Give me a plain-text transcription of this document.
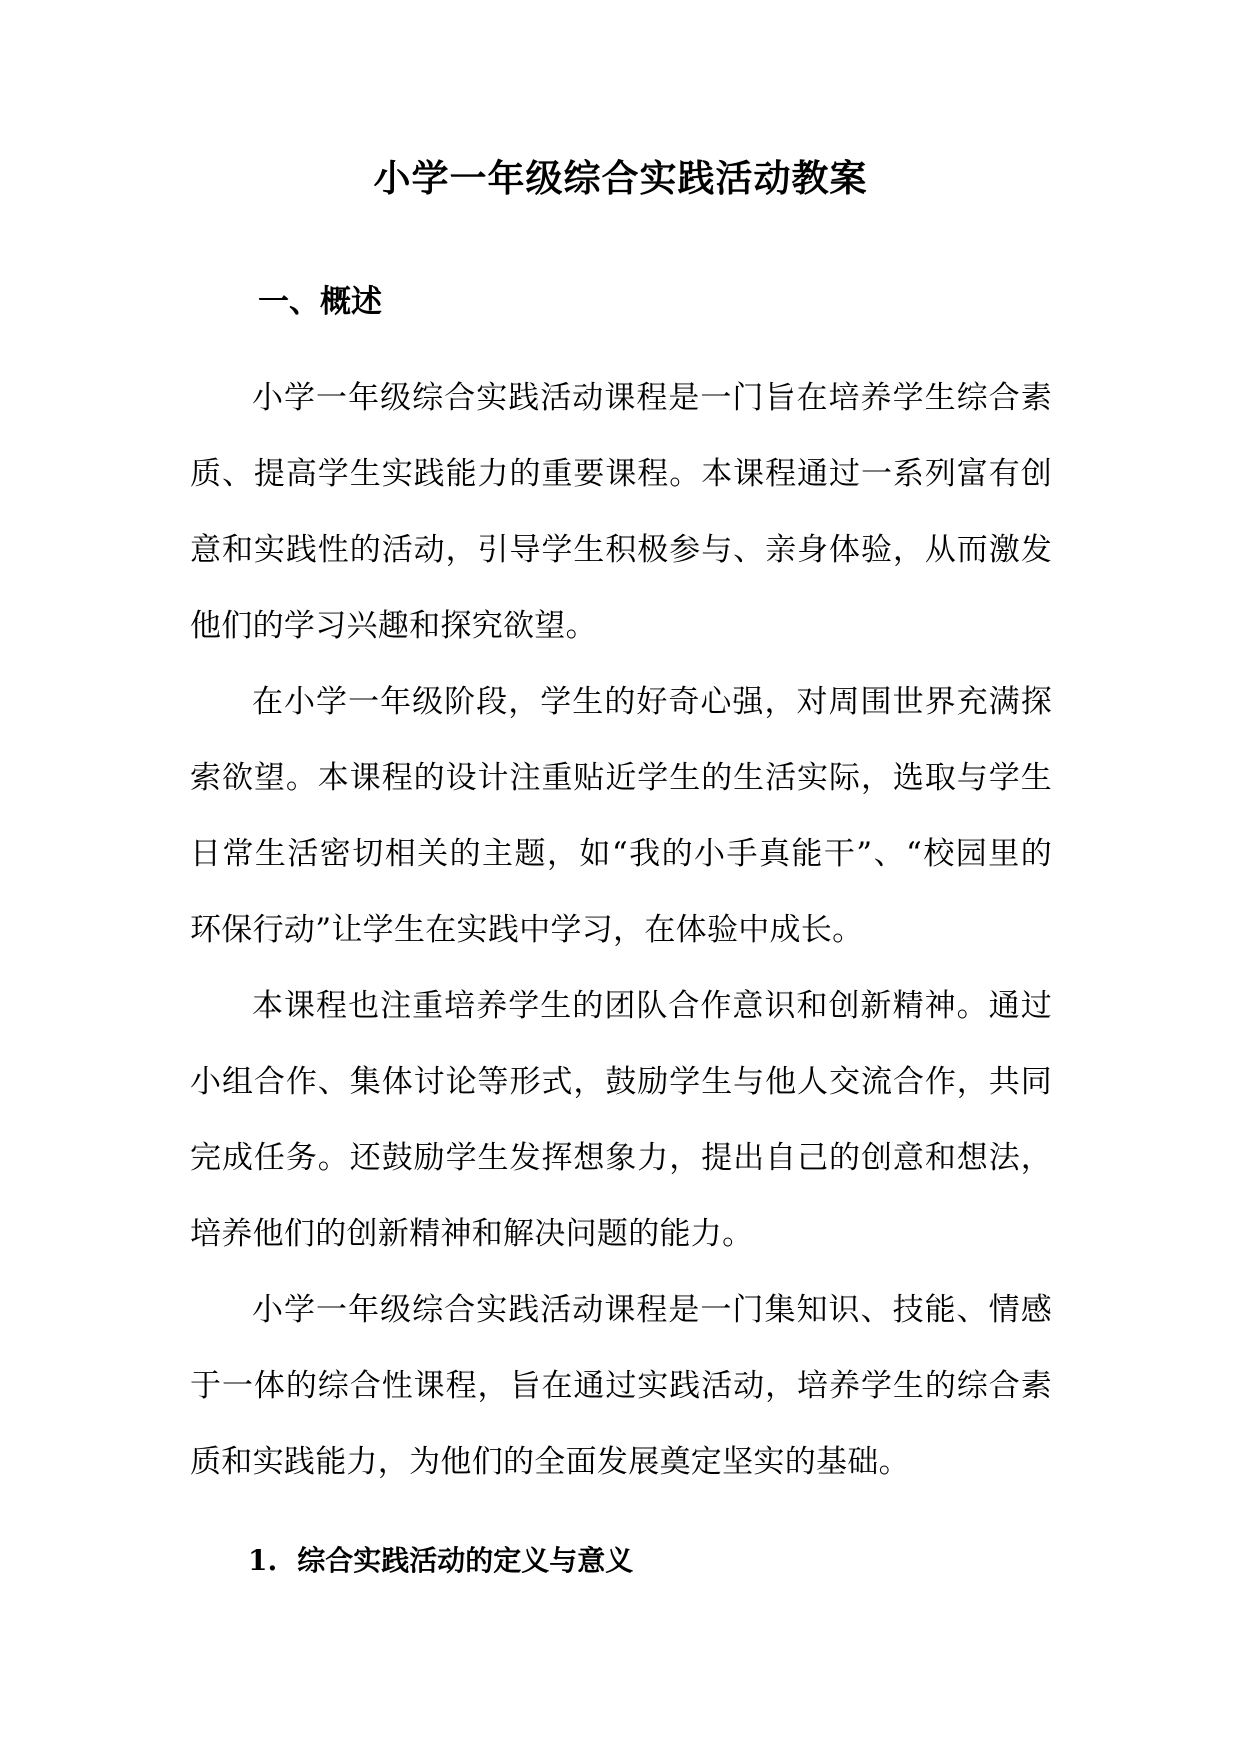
小学一年级综合实践活动教案
一、概述

小学一年级综合实践活动课程是一门旨在培养学生综合素质、提高学生实践能力的重要课程。本课程通过一系列富有创意和实践性的活动，引导学生积极参与、亲身体验，从而激发他们的学习兴趣和探究欲望。

在小学一年级阶段，学生的好奇心强，对周围世界充满探索欲望。本课程的设计注重贴近学生的生活实际，选取与学生日常生活密切相关的主题，如“我的小手真能干”、“校园里的环保行动”让学生在实践中学习，在体验中成长。

本课程也注重培养学生的团队合作意识和创新精神。通过小组合作、集体讨论等形式，鼓励学生与他人交流合作，共同完成任务。还鼓励学生发挥想象力，提出自己的创意和想法，培养他们的创新精神和解决问题的能力。

小学一年级综合实践活动课程是一门集知识、技能、情感于一体的综合性课程，旨在通过实践活动，培养学生的综合素质和实践能力，为他们的全面发展奠定坚实的基础。

1. 综合实践活动的定义与意义
